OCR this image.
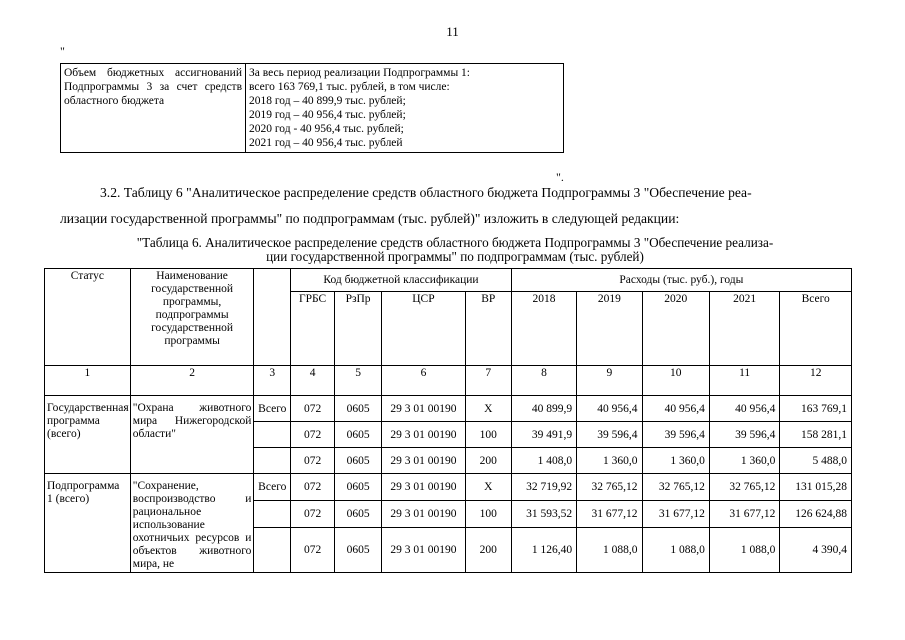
11
"
Объем бюджетных ассигнований Подпрограммы 3 за счет средств областного бюджета	
За весь период реализации Подпрограммы 1:
всего 163 769,1 тыс. рублей, в том числе:
2018 год – 40 899,9 тыс. рублей;
2019 год – 40 956,4 тыс. рублей;
2020 год - 40 956,4 тыс. рублей;
2021 год – 40 956,4 тыс. рублей
".
3.2. Таблицу 6 "Аналитическое распределение средств областного бюджета Подпрограммы 3 "Обеспечение реа-
лизации государственной программы" по подпрограммам (тыс. рублей)" изложить в следующей редакции:
"Таблица 6. Аналитическое распределение средств областного бюджета Подпрограммы 3 "Обеспечение реализа-
ции государственной программы" по подпрограммам (тыс. рублей)
Статус	Наименование государственной программы, подпрограммы государственной программы		Код бюджетной классификации				Расходы (тыс. руб.), годы				
			ГРБС	РзПр	ЦСР	ВР	2018	2019	2020	2021	Всего
1	2	3	4	5	6	7	8	9	10	11	12
Государственная программа (всего)	"Охрана животного мира Нижегородской области"	Всего	072	0605	29 3 01 00190	Х	40 899,9	40 956,4	40 956,4	40 956,4	163 769,1
			072	0605	29 3 01 00190	100	39 491,9	39 596,4	39 596,4	39 596,4	158 281,1
			072	0605	29 3 01 00190	200	1 408,0	1 360,0	1 360,0	1 360,0	5 488,0
Подпрограмма 1 (всего)	"Сохранение, воспроизводство и рациональное использование охотничьих ресурсов и объектов животного мира, не	Всего	072	0605	29 3 01 00190	Х	32 719,92	32 765,12	32 765,12	32 765,12	131 015,28
			072	0605	29 3 01 00190	100	31 593,52	31 677,12	31 677,12	31 677,12	126 624,88
			072	0605	29 3 01 00190	200	1 126,40	1 088,0	1 088,0	1 088,0	4 390,4
